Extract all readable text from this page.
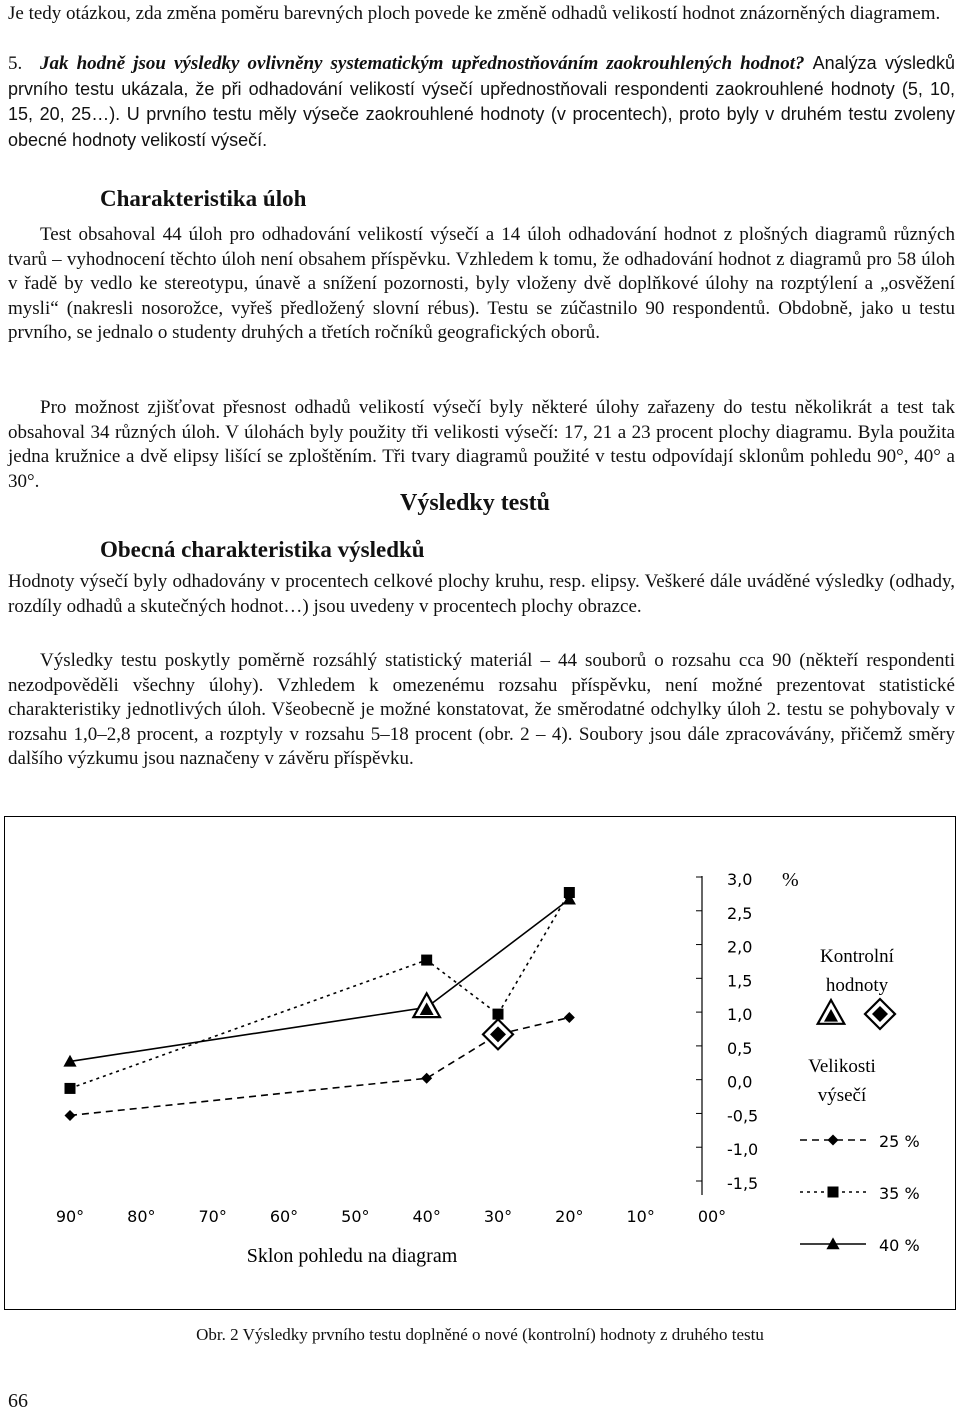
Je tedy otázkou, zda změna poměru barevných ploch povede ke změně odhadů velikostí hodnot znázorněných diagramem.

5. Jak hodně jsou výsledky ovlivněny systematickým upřednostňováním zaokrouhlených hodnot? Analýza výsledků prvního testu ukázala, že při odhadování velikostí výsečí upřednostňovali respondenti zaokrouhlené hodnoty (5, 10, 15, 20, 25…). U prvního testu měly výseče zaokrouhlené hodnoty (v procentech), proto byly v druhém testu zvoleny obecné hodnoty velikostí výsečí.

Charakteristika úloh

Test obsahoval 44 úloh pro odhadování velikostí výsečí a 14 úloh odhadování hodnot z plošných diagramů různých tvarů – vyhodnocení těchto úloh není obsahem příspěvku. Vzhledem k tomu, že odhadování hodnot z diagramů pro 58 úloh v řadě by vedlo ke stereotypu, únavě a snížení pozornosti, byly vloženy dvě doplňkové úlohy na rozptýlení a „osvěžení mysli“ (nakresli nosorožce, vyřeš předložený slovní rébus). Testu se zúčastnilo 90 respondentů. Obdobně, jako u testu prvního, se jednalo o studenty druhých a třetích ročníků geografických oborů.

Pro možnost zjišťovat přesnost odhadů velikostí výsečí byly některé úlohy zařazeny do testu několikrát a test tak obsahoval 34 různých úloh. V úlohách byly použity tři velikosti výsečí: 17, 21 a 23 procent plochy diagramu. Byla použita jedna kružnice a dvě elipsy lišící se zploštěním. Tři tvary diagramů použité v testu odpovídají sklonům pohledu 90°, 40° a 30°.

Výsledky testů
Obecná charakteristika výsledků

Hodnoty výsečí byly odhadovány v procentech celkové plochy kruhu, resp. elipsy. Veškeré dále uváděné výsledky (odhady, rozdíly odhadů a skutečných hodnot…) jsou uvedeny v procentech plochy obrazce.

Výsledky testu poskytly poměrně rozsáhlý statistický materiál – 44 souborů o rozsahu cca 90 (někteří respondenti nezodpověděli všechny úlohy). Vzhledem k omezenému rozsahu příspěvku, není možné prezentovat statistické charakteristiky jednotlivých úloh. Všeobecně je možné konstatovat, že směrodatné odchylky úloh 2. testu se pohybovaly v rozsahu 1,0–2,8 procent, a rozptyly v rozsahu 5–18 procent (obr. 2 – 4). Soubory jsou dále zpracovávány, přičemž směry dalšího výzkumu jsou naznačeny v závěru příspěvku.

3,0
2,5
2,0
1,5
1,0
0,5
0,0
-0,5
-1,0
-1,5
90°	80°	70°	60°	50°	40°	30°	20°	10°	00°
%
Sklon pohledu na diagram
Kontrolní
hodnoty
Velikosti
výsečí
25 %
35 %
40 %

Obr. 2 Výsledky prvního testu doplněné o nové (kontrolní) hodnoty z druhého testu

66
